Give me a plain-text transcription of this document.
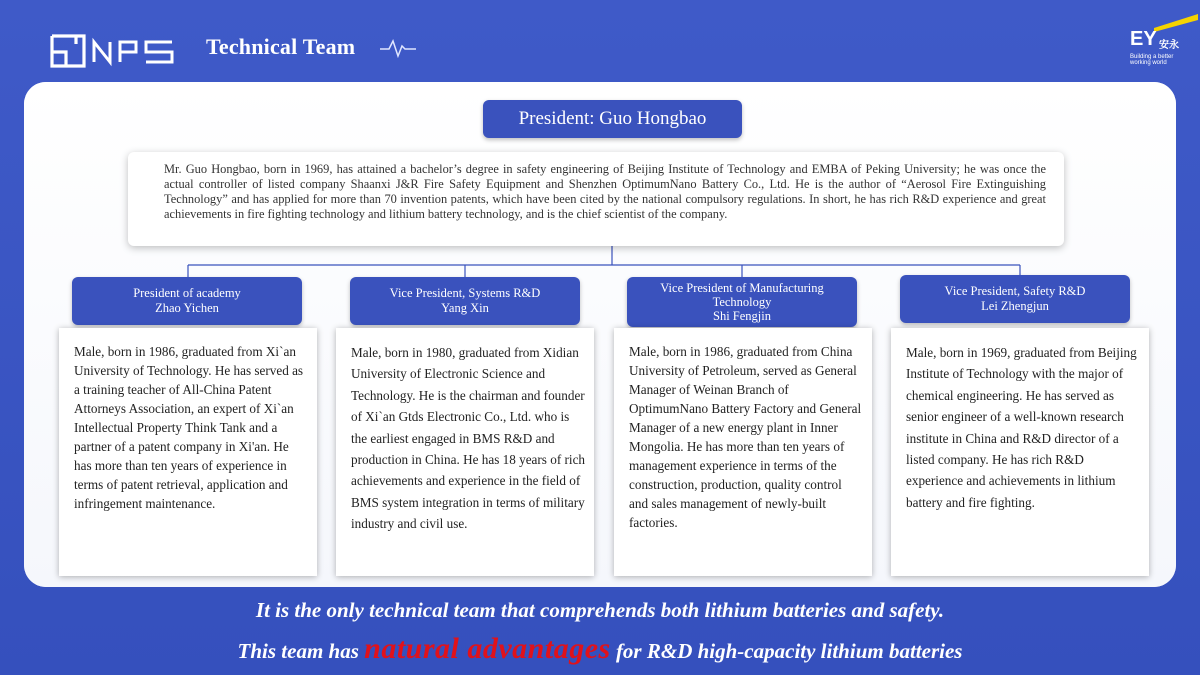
Technical Team	EY 安永
Building a better
working world
President: Guo Hongbao
Mr. Guo Hongbao, born in 1969, has attained a bachelor’s degree in safety engineering of Beijing Institute of Technology and EMBA of Peking University; he was once the actual controller of listed company Shaanxi J&R Fire Safety Equipment and Shenzhen OptimumNano Battery Co., Ltd. He is the author of “Aerosol Fire Extinguishing Technology” and has applied for more than 70 invention patents, which have been cited by the national compulsory regulations. In short, he has rich R&D experience and great achievements in fire fighting technology and lithium battery technology, and is the chief scientist of the company.
President of academy
Zhao Yichen
Vice President, Systems R&D
Yang Xin
Vice President of Manufacturing Technology
Shi Fengjin
Vice President, Safety R&D
Lei Zhengjun
Male, born in 1986, graduated from Xi`an University of Technology. He has served as a training teacher of All-China Patent Attorneys Association, an expert of Xi`an Intellectual Property Think Tank and a partner of a patent company in Xi'an. He has more than ten years of experience in terms of patent retrieval, application and infringement maintenance.
Male, born in 1980, graduated from Xidian University of Electronic Science and Technology. He is the chairman and founder of Xi`an Gtds Electronic Co., Ltd. who is the earliest engaged in BMS R&D and production in China. He has 18 years of rich achievements and experience in the field of BMS system integration in terms of military industry and civil use.
Male, born in 1986, graduated from China University of Petroleum, served as General Manager of Weinan Branch of OptimumNano Battery Factory and General Manager of a new energy plant in Inner Mongolia. He has more than ten years of management experience in terms of the construction, production, quality control and sales management of newly-built factories.
Male, born in 1969, graduated from Beijing Institute of Technology with the major of chemical engineering. He has served as senior engineer of a well-known research institute in China and R&D director of a listed company. He has rich R&D experience and achievements in lithium battery and fire fighting.
It is the only technical team that comprehends both lithium batteries and safety.
This team has natural advantages for R&D high-capacity lithium batteries
